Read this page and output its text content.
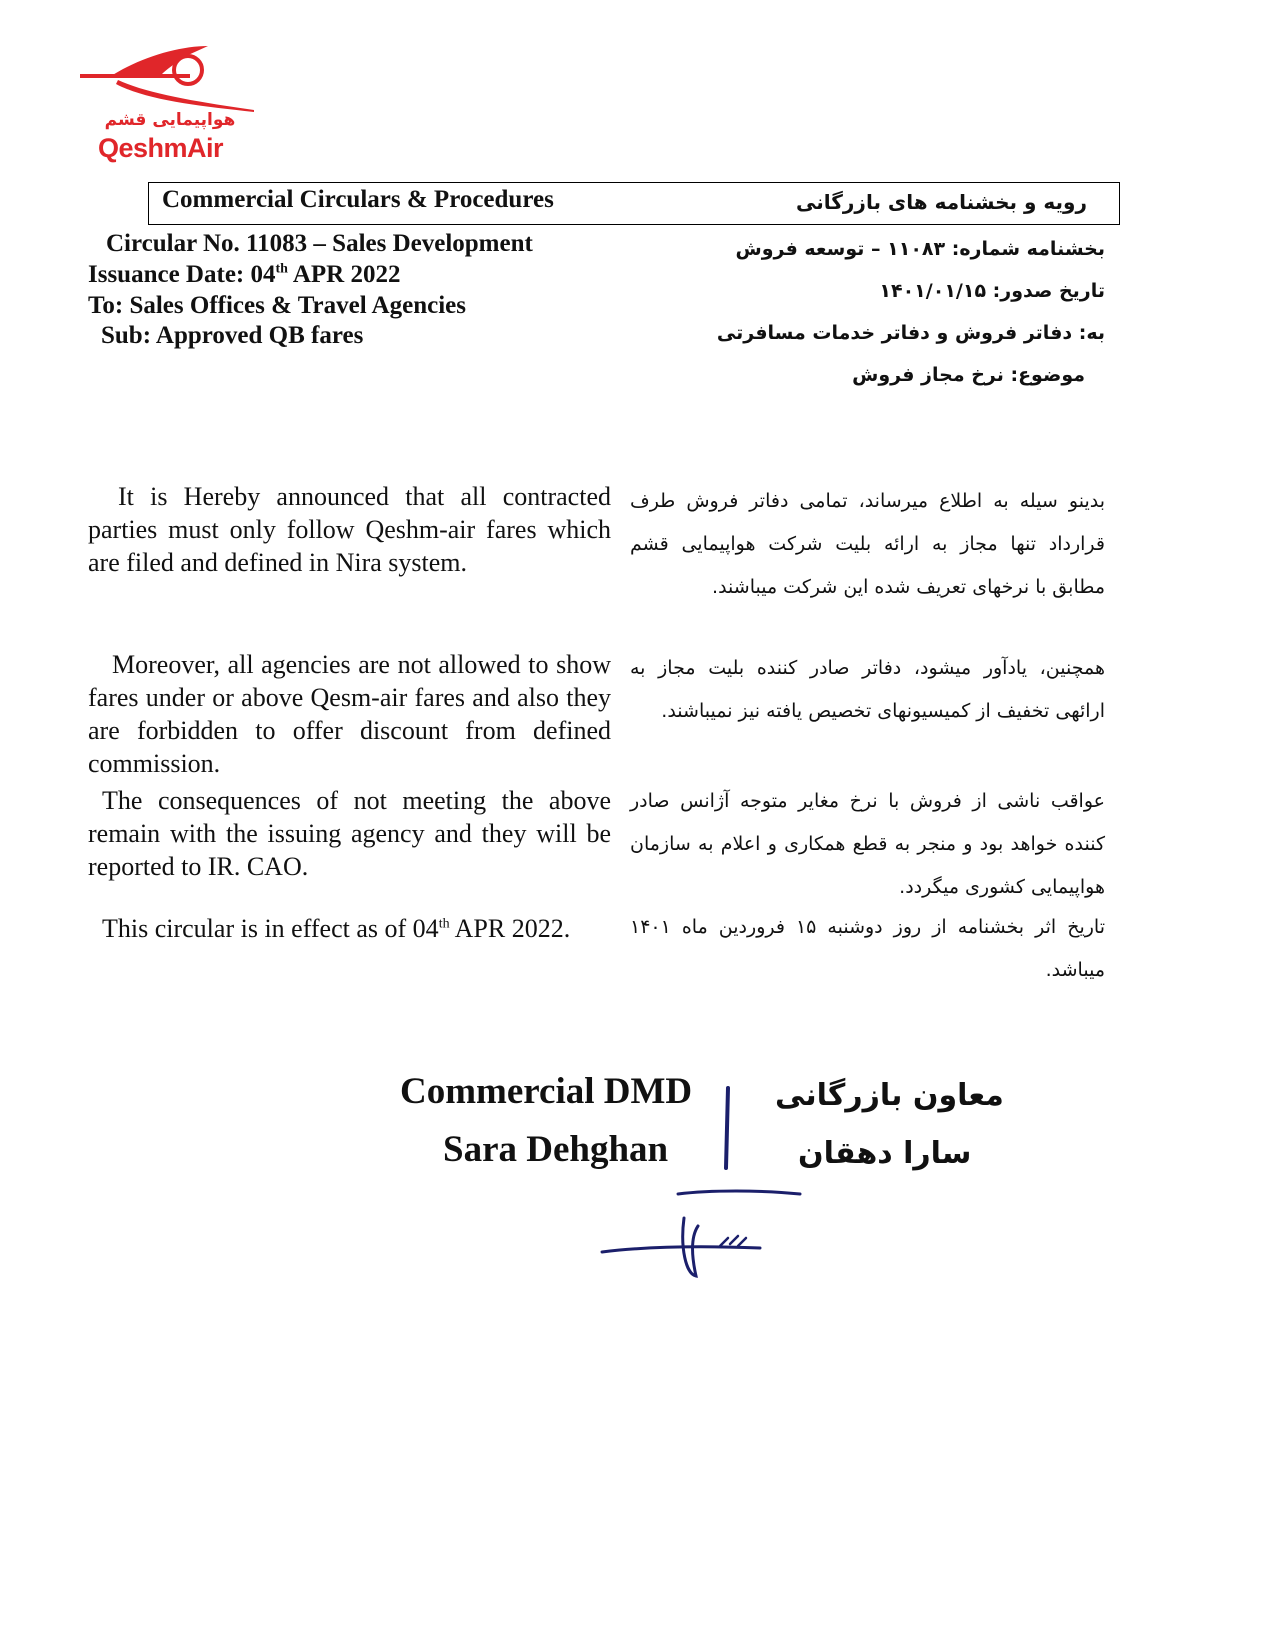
هواپیمایی قشم
QeshmAir
Commercial Circulars & Procedures	رویه و بخشنامه های بازرگانی
Circular No. 11083 – Sales Development
Issuance Date: 04th APR 2022
To: Sales Offices & Travel Agencies
Sub: Approved QB fares
بخشنامه شماره: ۱۱۰۸۳ – توسعه فروش
تاریخ صدور: ۱۴۰۱/۰۱/۱۵
به: دفاتر فروش و دفاتر خدمات مسافرتی
موضوع: نرخ مجاز فروش
It is Hereby announced that all contracted parties must only follow Qeshm-air fares which are filed and defined in Nira system.
Moreover, all agencies are not allowed to show fares under or above Qesm-air fares and also they are forbidden to offer discount from defined commission.
The consequences of not meeting the above remain with the issuing agency and they will be reported to IR. CAO.
This circular is in effect as of 04th APR 2022.
بدینو سیله به اطلاع میرساند، تمامی دفاتر فروش طرف قرارداد تنها مجاز به ارائه بلیت شرکت هواپیمایی قشم مطابق با نرخهای تعریف شده این شرکت میباشند.
همچنین، یادآور میشود، دفاتر صادر کننده بلیت مجاز به ارائهی تخفیف از کمیسیونهای تخصیص یافته نیز نمیباشند.
عواقب ناشی از فروش با نرخ مغایر متوجه آژانس صادر کننده خواهد بود و منجر به قطع همکاری و اعلام به سازمان هواپیمایی کشوری میگردد.
تاریخ اثر بخشنامه از روز دوشنبه ۱۵ فروردین ماه ۱۴۰۱ میباشد.
Commercial DMD
Sara Dehghan
معاون بازرگانی
سارا دهقان
